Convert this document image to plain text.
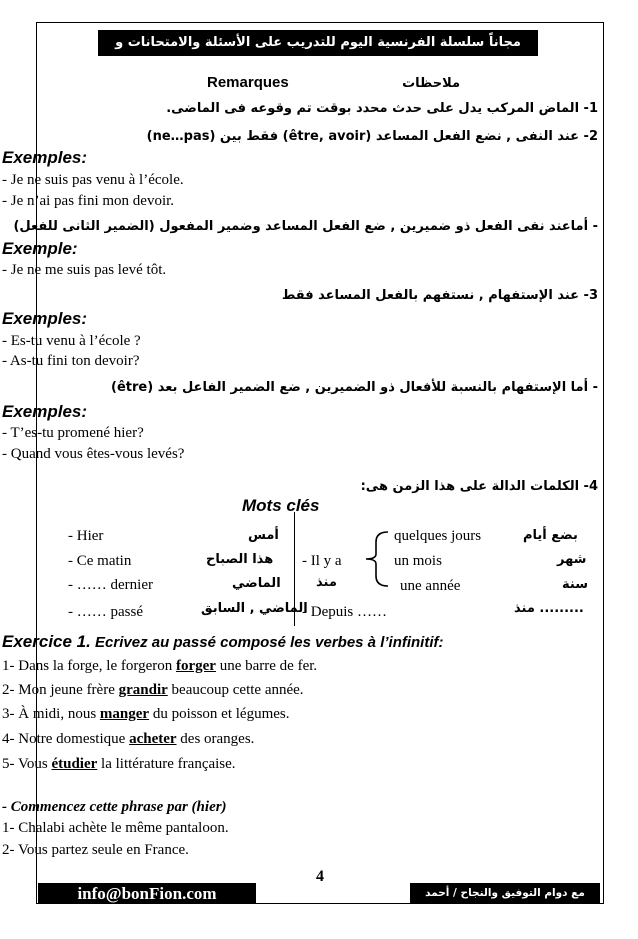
مجاناً سلسلة الفرنسية اليوم للتدريب على الأسئلة والامتحانات و بدون مقابل
Remarques	ملاحظات
1- الماض المركب يدل على حدث محدد بوقت تم وقوعه فى الماضى.
2- عند النفى , نضع الفعل المساعد (être, avoir) فقط بين (ne…pas)
Exemples:
- Je ne suis pas venu à l’école.
- Je n’ai pas fini mon devoir.
- أماعند نفى الفعل ذو ضميرين , ضع الفعل المساعد وضمير المفعول (الضمير الثانى للفعل)
Exemple:
- Je ne me suis pas levé tôt.
3- عند الإستفهام , نستفهم بالفعل المساعد فقط
Exemples:
- Es-tu venu à l’école ?
- As-tu fini ton devoir?
- أما الإستفهام بالنسبة للأفعال ذو الضميرين , ضع الضمير الفاعل بعد (être)
Exemples:
- T’es-tu promené hier?
- Quand vous êtes-vous levés?
4- الكلمات الدالة على هذا الزمن هى:
Mots clés
- Hier	أمس
- Ce matin	هذا الصباح
- …… dernier	الماضي
- …… passé	الماضي , السابق
- Il y a
منذ
- Depuis ……
quelques jours	بضع أيام
un mois	شهر
une année	سنة
......... منذ
Exercice 1. Ecrivez au passé composé les verbes à l’infinitif:
1- Dans la forge, le forgeron forger une barre de fer.
2- Mon jeune frère grandir beaucoup cette année.
3- À midi, nous manger du poisson et légumes.
4- Notre domestique acheter des oranges.
5- Vous étudier la littérature française.
- Commencez cette phrase par (hier)
1- Chalabi achète le même pantaloon.
2- Vous partez seule en France.
4
info@bonFion.com	مع دوام التوفيق والنجاح / أحمد شلبى
